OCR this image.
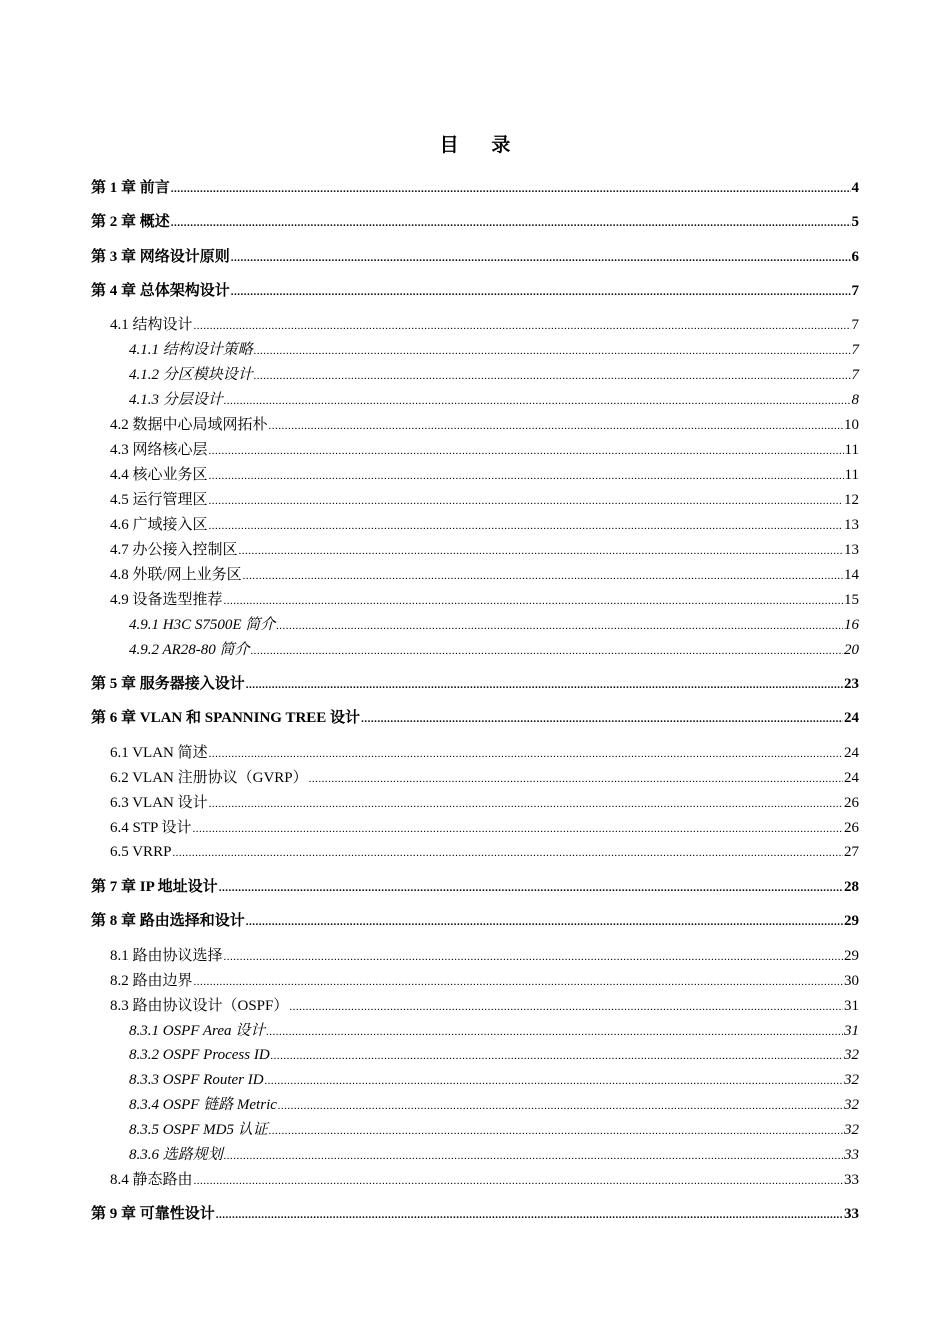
目 录
第 1 章 前言 .....	4
第 2 章 概述 .....	5
第 3 章 网络设计原则 .....	6
第 4 章 总体架构设计 .....	7
4.1 结构设计 .....	7
4.1.1 结构设计策略 .....	7
4.1.2 分区模块设计 .....	7
4.1.3 分层设计 .....	8
4.2 数据中心局域网拓朴 .....	10
4.3 网络核心层 .....	11
4.4 核心业务区 .....	11
4.5 运行管理区 .....	12
4.6 广域接入区 .....	13
4.7 办公接入控制区 .....	13
4.8 外联/网上业务区 .....	14
4.9 设备选型推荐 .....	15
4.9.1 H3C S7500E 简介 .....	16
4.9.2 AR28-80 简介 .....	20
第 5 章 服务器接入设计 .....	23
第 6 章 VLAN 和 SPANNING TREE 设计 .....	24
6.1 VLAN 简述 .....	24
6.2 VLAN 注册协议（GVRP） .....	24
6.3 VLAN 设计 .....	26
6.4 STP 设计 .....	26
6.5 VRRP .....	27
第 7 章 IP 地址设计 .....	28
第 8 章 路由选择和设计 .....	29
8.1 路由协议选择 .....	29
8.2 路由边界 .....	30
8.3 路由协议设计（OSPF） .....	31
8.3.1 OSPF Area 设计 .....	31
8.3.2 OSPF Process ID .....	32
8.3.3 OSPF Router ID .....	32
8.3.4 OSPF 链路 Metric .....	32
8.3.5 OSPF MD5 认证 .....	32
8.3.6 选路规划 .....	33
8.4 静态路由 .....	33
第 9 章 可靠性设计 .....	33
